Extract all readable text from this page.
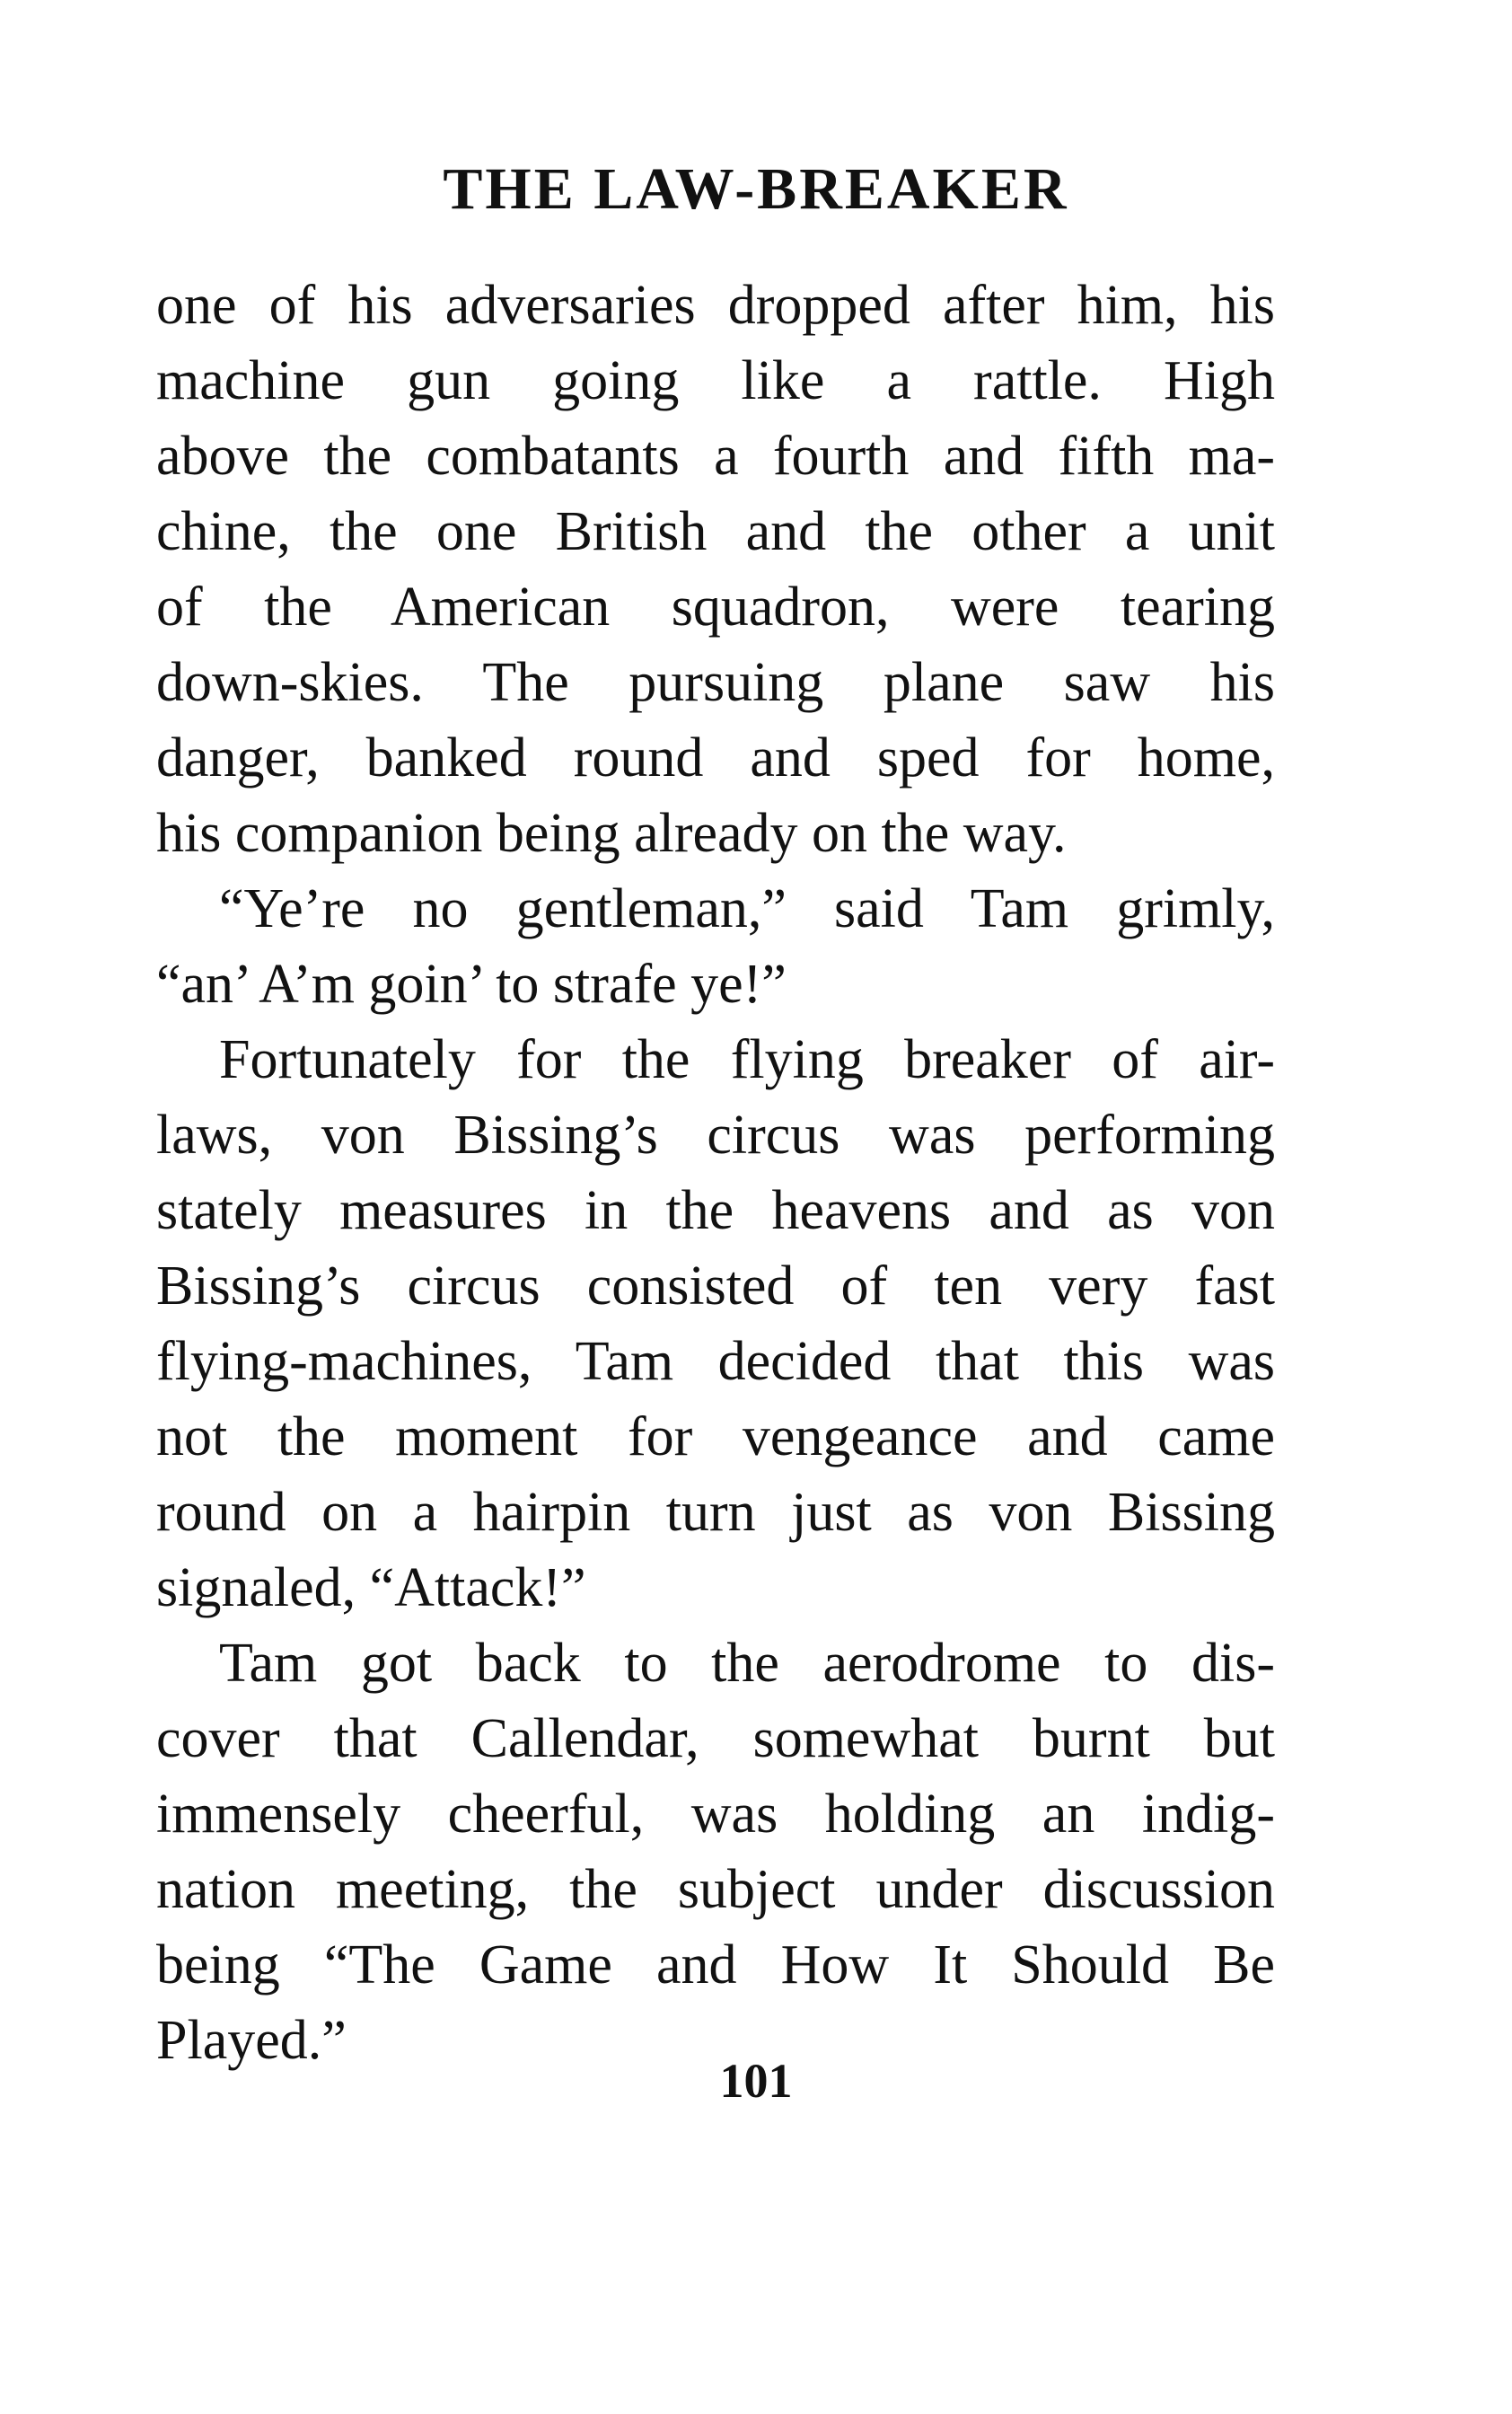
THE LAW-BREAKER
one of his adversaries dropped after him, his
machine gun going like a rattle. High
above the combatants a fourth and fifth ma-
chine, the one British and the other a unit
of the American squadron, were tearing
down-skies. The pursuing plane saw his
danger, banked round and sped for home,
his companion being already on the way.
“Ye’re no gentleman,” said Tam grimly,
“an’ A’m goin’ to strafe ye!”
Fortunately for the flying breaker of air-
laws, von Bissing’s circus was performing
stately measures in the heavens and as von
Bissing’s circus consisted of ten very fast
flying-machines, Tam decided that this was
not the moment for vengeance and came
round on a hairpin turn just as von Bissing
signaled, “Attack!”
Tam got back to the aerodrome to dis-
cover that Callendar, somewhat burnt but
immensely cheerful, was holding an indig-
nation meeting, the subject under discussion
being “The Game and How It Should Be
Played.”
101
